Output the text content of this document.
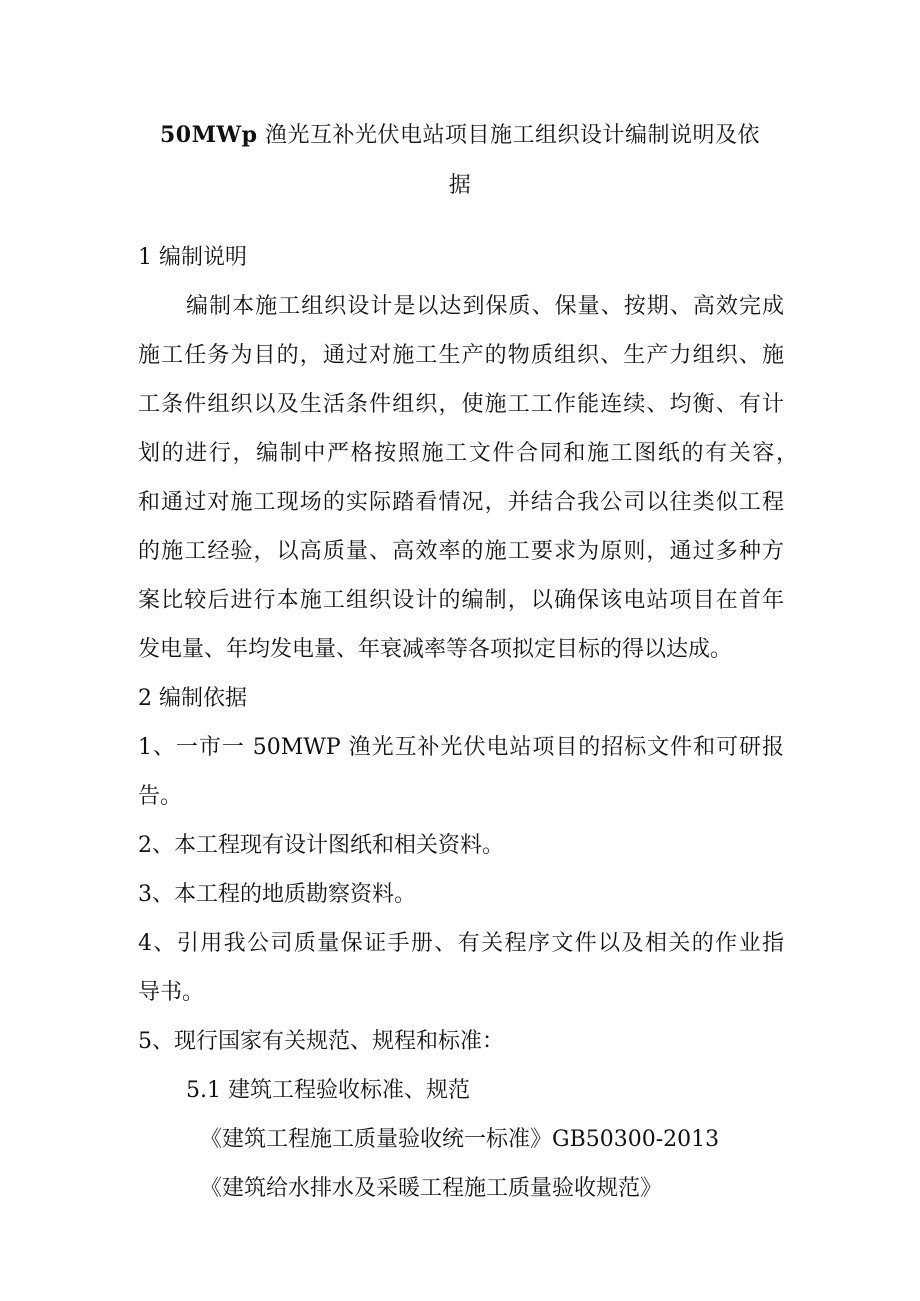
50MWp 渔光互补光伏电站项目施工组织设计编制说明及依
据
1 编制说明
编制本施工组织设计是以达到保质、保量、按期、高效完成
施工任务为目的，通过对施工生产的物质组织、生产力组织、施
工条件组织以及生活条件组织，使施工工作能连续、均衡、有计
划的进行，编制中严格按照施工文件合同和施工图纸的有关容，
和通过对施工现场的实际踏看情况，并结合我公司以往类似工程
的施工经验，以高质量、高效率的施工要求为原则，通过多种方
案比较后进行本施工组织设计的编制，以确保该电站项目在首年
发电量、年均发电量、年衰减率等各项拟定目标的得以达成。
2 编制依据
1、一市一 50MWP 渔光互补光伏电站项目的招标文件和可研报
告。
2、本工程现有设计图纸和相关资料。
3、本工程的地质勘察资料。
4、引用我公司质量保证手册、有关程序文件以及相关的作业指
导书。
5、现行国家有关规范、规程和标准：
5.1 建筑工程验收标准、规范
《建筑工程施工质量验收统一标准》GB50300-2013
《建筑给水排水及采暖工程施工质量验收规范》
